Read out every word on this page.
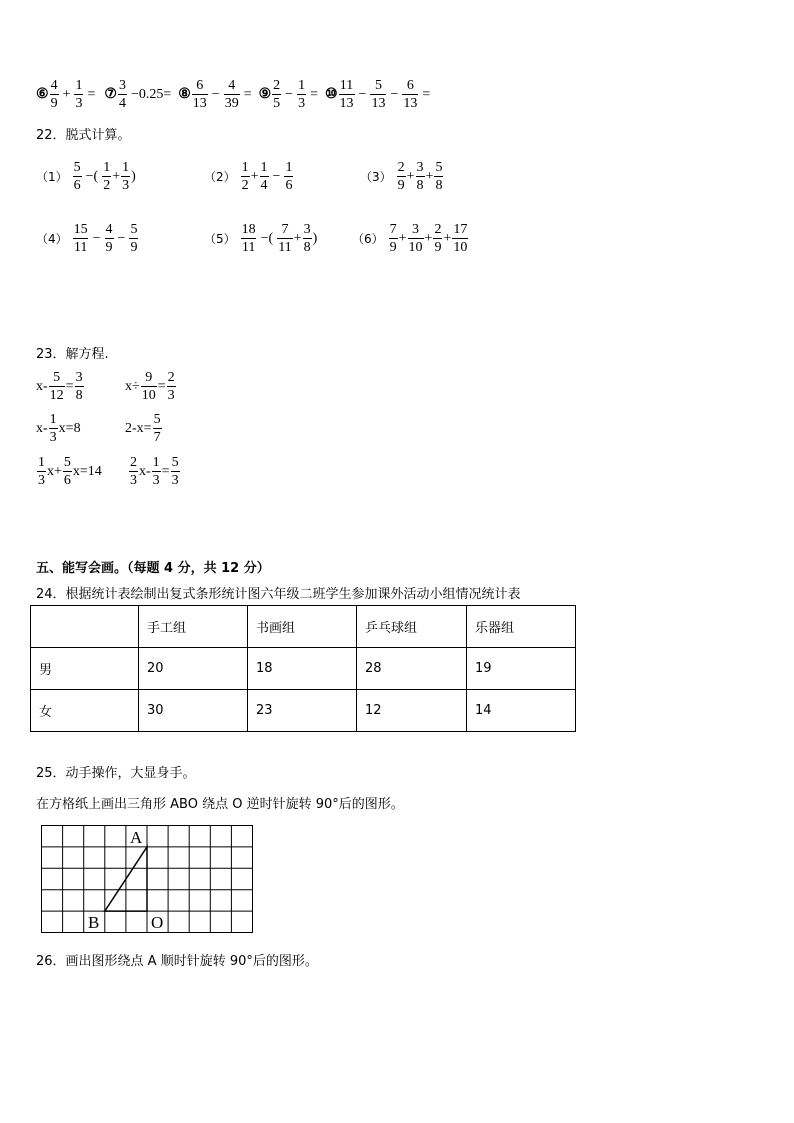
⑥ $\frac{4}{9} + \frac{1}{3}$ = ⑦ $\frac{3}{4} -0.25=$ ⑧ $\frac{6}{13} - \frac{4}{39}$ = ⑨ $\frac{2}{5} - \frac{1}{3}$ = ⑩ $\frac{11}{13} - \frac{5}{13} - \frac{6}{13}$ =
22．脱式计算。
$(1) \frac{5}{6}$ −( $\frac{1}{2} + \frac{1}{3}$ )	$(2) \frac{1}{2} + \frac{1}{4} - \frac{1}{6}$	$(3) \frac{2}{9} + \frac{3}{8} + \frac{5}{8}$
$(4) \frac{15}{11} - \frac{4}{9} - \frac{5}{9}$	$(5) \frac{18}{11}$ −( $\frac{7}{11} + \frac{3}{8}$ )	$(6) \frac{7}{9} + \frac{3}{10} + \frac{2}{9} + \frac{17}{10}$
23．解方程.
$x- \frac{5}{12} = \frac{3}{8}$	$x\div \frac{9}{10} = \frac{2}{3}$
$x- \frac{1}{3} x=8$	$2-x= \frac{5}{7}$
$\frac{1}{3} x+ \frac{5}{6} x=14 \frac{2}{3} x- \frac{1}{3} = \frac{5}{3}$
五、能写会画。（每题 4 分，共 12 分）
24．根据统计表绘制出复式条形统计图六年级二班学生参加课外活动小组情况统计表
	手工组	书画组	乒乓球组	乐器组
男	20	18	28	19
女	30	23	12	14
25．动手操作，大显身手。
在方格纸上画出三角形 ABO 绕点 O 逆时针旋转 90°后的图形。
A
B	O
26．画出图形绕点 A 顺时针旋转 90°后的图形。
